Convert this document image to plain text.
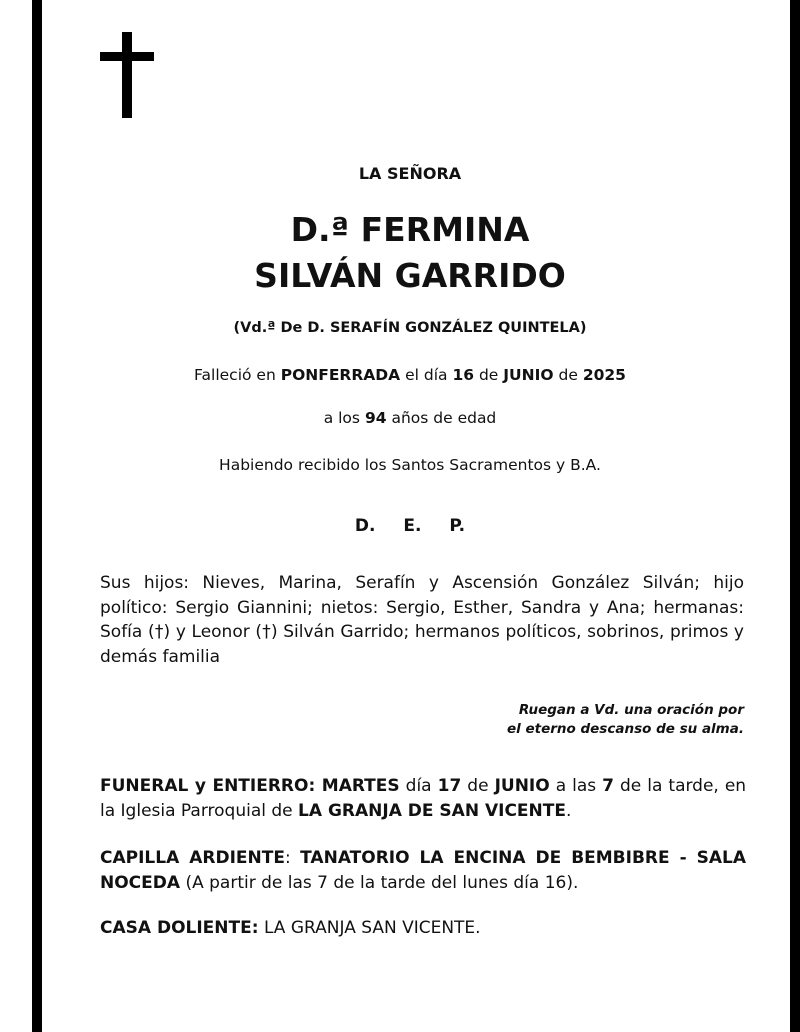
LA SEÑORA
D.ª FERMINA
SILVÁN GARRIDO
(Vd.ª De D. SERAFÍN GONZÁLEZ QUINTELA)
Falleció en PONFERRADA el día 16 de JUNIO de 2025
a los 94 años de edad
Habiendo recibido los Santos Sacramentos y B.A.
D. E. P.

Sus hijos: Nieves, Marina, Serafín y Ascensión González Silván; hijo político: Sergio Giannini; nietos: Sergio, Esther, Sandra y Ana; hermanas: Sofía (†) y Leonor (†) Silván Garrido; hermanos políticos, sobrinos, primos y demás familia

Ruegan a Vd. una oración por
el eterno descanso de su alma.

FUNERAL y ENTIERRO: MARTES día 17 de JUNIO a las 7 de la tarde, en la Iglesia Parroquial de LA GRANJA DE SAN VICENTE.

CAPILLA ARDIENTE: TANATORIO LA ENCINA DE BEMBIBRE - SALA NOCEDA (A partir de las 7 de la tarde del lunes día 16).

CASA DOLIENTE: LA GRANJA SAN VICENTE.
